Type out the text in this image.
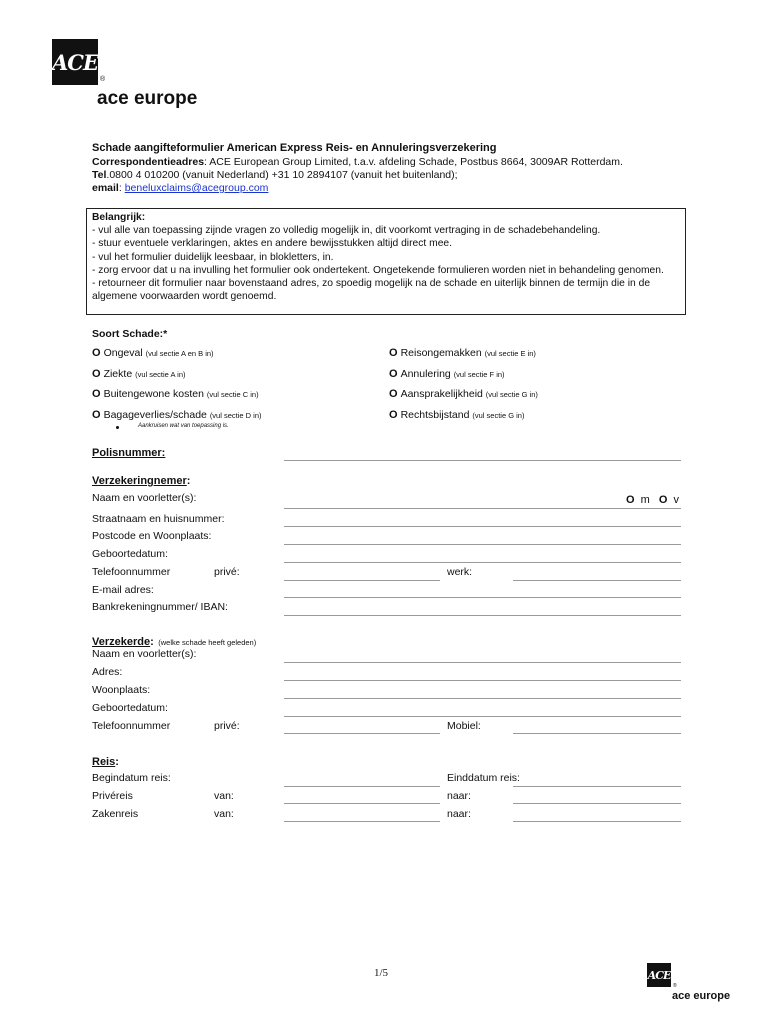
ACE
®
ace europe
Schade aangifteformulier American Express Reis- en Annuleringsverzekering
Correspondentieadres: ACE European Group Limited, t.a.v. afdeling Schade, Postbus 8664, 3009AR Rotterdam.
Tel.0800 4 010200 (vanuit Nederland) +31 10 2894107 (vanuit het buitenland);
email: beneluxclaims@acegroup.com
Belangrijk:
- vul alle van toepassing zijnde vragen zo volledig mogelijk in, dit voorkomt vertraging in de schadebehandeling.
- stuur eventuele verklaringen, aktes en andere bewijsstukken altijd direct mee.
- vul het formulier duidelijk leesbaar, in blokletters, in.
- zorg ervoor dat u na invulling het formulier ook ondertekent. Ongetekende formulieren worden niet in behandeling genomen.
- retourneer dit formulier naar bovenstaand adres, zo spoedig mogelijk na de schade en uiterlijk binnen de termijn die in de algemene voorwaarden wordt genoemd.
Soort Schade:*
O Ongeval (vul sectie A en B in)	O Reisongemakken (vul sectie E in)
O Ziekte (vul sectie A in)	O Annulering (vul sectie F in)
O Buitengewone kosten (vul sectie C in)	O Aansprakelijkheid (vul sectie G in)
O Bagageverlies/schade (vul sectie D in)	O Rechtsbijstand (vul sectie G in)
Aankruisen wat van toepassing is.
Polisnummer:
Verzekeringnemer:
Naam en voorletter(s):	O m O v
Straatnaam en huisnummer:
Postcode en Woonplaats:
Geboortedatum:
Telefoonnummer	privé:	werk:
E-mail adres:
Bankrekeningnummer/ IBAN:
Verzekerde: (welke schade heeft geleden)
Naam en voorletter(s):
Adres:
Woonplaats:
Geboortedatum:
Telefoonnummer	privé:	Mobiel:
Reis:
Begindatum reis:	Einddatum reis:
Privéreis	van:	naar:
Zakenreis	van:	naar:
1/5	ACE
®
ace europe
